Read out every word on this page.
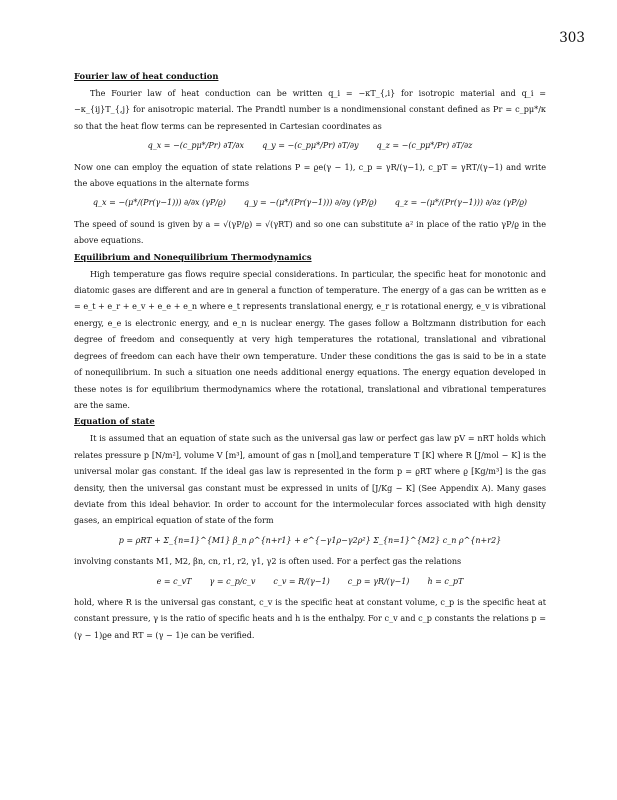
303
Fourier law of heat conduction

The Fourier law of heat conduction can be written q_i = −κT_{,i} for isotropic material and q_i = −κ_{ij}T_{,j} for anisotropic material. The Prandtl number is a nondimensional constant defined as Pr = c_pμ*/κ so that the heat flow terms can be represented in Cartesian coordinates as

q_x = −(c_pμ*/Pr) ∂T/∂x q_y = −(c_pμ*/Pr) ∂T/∂y q_z = −(c_pμ*/Pr) ∂T/∂z

Now one can employ the equation of state relations P = ϱe(γ − 1), c_p = γR/(γ−1), c_pT = γRT/(γ−1) and write the above equations in the alternate forms

q_x = −(μ*/(Pr(γ−1))) ∂/∂x (γP/ϱ) q_y = −(μ*/(Pr(γ−1))) ∂/∂y (γP/ϱ) q_z = −(μ*/(Pr(γ−1))) ∂/∂z (γP/ϱ)

The speed of sound is given by a = √(γP/ϱ) = √(γRT) and so one can substitute a² in place of the ratio γP/ϱ in the above equations.

Equilibrium and Nonequilibrium Thermodynamics

High temperature gas flows require special considerations. In particular, the specific heat for monotonic and diatomic gases are different and are in general a function of temperature. The energy of a gas can be written as e = e_t + e_r + e_v + e_e + e_n where e_t represents translational energy, e_r is rotational energy, e_v is vibrational energy, e_e is electronic energy, and e_n is nuclear energy. The gases follow a Boltzmann distribution for each degree of freedom and consequently at very high temperatures the rotational, translational and vibrational degrees of freedom can each have their own temperature. Under these conditions the gas is said to be in a state of nonequilibrium. In such a situation one needs additional energy equations. The energy equation developed in these notes is for equilibrium thermodynamics where the rotational, translational and vibrational temperatures are the same.

Equation of state

It is assumed that an equation of state such as the universal gas law or perfect gas law pV = nRT holds which relates pressure p [N/m²], volume V [m³], amount of gas n [mol],and temperature T [K] where R [J/mol − K] is the universal molar gas constant. If the ideal gas law is represented in the form p = ϱRT where ϱ [Kg/m³] is the gas density, then the universal gas constant must be expressed in units of [J/Kg − K] (See Appendix A). Many gases deviate from this ideal behavior. In order to account for the intermolecular forces associated with high density gases, an empirical equation of state of the form

p = ρRT + Σ_{n=1}^{M1} β_n ρ^{n+r1} + e^{−γ1ρ−γ2ρ²} Σ_{n=1}^{M2} c_n ρ^{n+r2}

involving constants M1, M2, βn, cn, r1, r2, γ1, γ2 is often used. For a perfect gas the relations

e = c_vT γ = c_p/c_v c_v = R/(γ−1) c_p = γR/(γ−1) h = c_pT

hold, where R is the universal gas constant, c_v is the specific heat at constant volume, c_p is the specific heat at constant pressure, γ is the ratio of specific heats and h is the enthalpy. For c_v and c_p constants the relations p = (γ − 1)ϱe and RT = (γ − 1)e can be verified.
